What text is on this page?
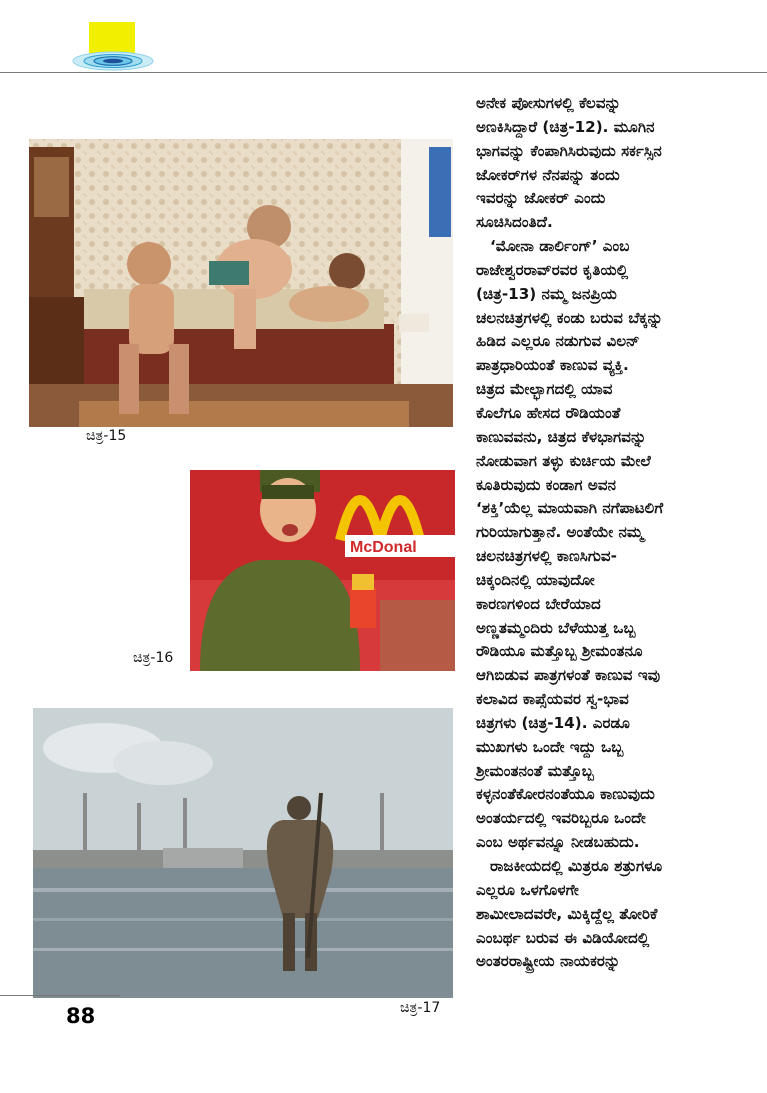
ಚಿತ್ರ-15
McDonal
ಚಿತ್ರ-16
ಚಿತ್ರ-17
ಅನೇಕ ಪೋಸುಗಳಲ್ಲಿ ಕೆಲವನ್ನು
ಅಣಕಿಸಿದ್ದಾರೆ (ಚಿತ್ರ-12). ಮೂಗಿನ
ಭಾಗವನ್ನು ಕೆಂಪಾಗಿಸಿರುವುದು ಸರ್ಕಸ್ಸಿನ
ಜೋಕರ್‌ಗಳ ನೆನಪನ್ನು ತಂದು
ಇವರನ್ನು ಜೋಕರ್ ಎಂದು
ಸೂಚಿಸಿದಂತಿದೆ.
‘ಮೋನಾ ಡಾರ್ಲಿಂಗ್’ ಎಂಬ
ರಾಜೇಶ್ವರರಾವ್‌ರವರ ಕೃತಿಯಲ್ಲಿ
(ಚಿತ್ರ-13) ನಮ್ಮ ಜನಪ್ರಿಯ
ಚಲನಚಿತ್ರಗಳಲ್ಲಿ ಕಂಡು ಬರುವ ಬೆಕ್ಕನ್ನು
ಹಿಡಿದ ಎಲ್ಲರೂ ನಡುಗುವ ವಿಲನ್
ಪಾತ್ರಧಾರಿಯಂತೆ ಕಾಣುವ ವ್ಯಕ್ತಿ.
ಚಿತ್ರದ ಮೇಲ್ಭಾಗದಲ್ಲಿ ಯಾವ
ಕೊಲೆಗೂ ಹೇಸದ ರೌಡಿಯಂತೆ
ಕಾಣುವವನು, ಚಿತ್ರದ ಕೆಳಭಾಗವನ್ನು
ನೋಡುವಾಗ ತಳ್ಳು ಕುರ್ಚಿಯ ಮೇಲೆ
ಕೂತಿರುವುದು ಕಂಡಾಗ ಅವನ
‘ಶಕ್ತಿ’ಯೆಲ್ಲ ಮಾಯವಾಗಿ ನಗೆಪಾಟಲಿಗೆ
ಗುರಿಯಾಗುತ್ತಾನೆ. ಅಂತೆಯೇ ನಮ್ಮ
ಚಲನಚಿತ್ರಗಳಲ್ಲಿ ಕಾಣಸಿಗುವ-
ಚಿಕ್ಕಂದಿನಲ್ಲಿ ಯಾವುದೋ
ಕಾರಣಗಳಿಂದ ಬೇರೆಯಾದ
ಅಣ್ಣತಮ್ಮಂದಿರು ಬೆಳೆಯುತ್ತ ಒಬ್ಬ
ರೌಡಿಯೂ ಮತ್ತೊಬ್ಬ ಶ್ರೀಮಂತನೂ
ಆಗಿಬಿಡುವ ಪಾತ್ರಗಳಂತೆ ಕಾಣುವ ಇವು
ಕಲಾವಿದ ಕಾಪ್ಸೆಯವರ ಸ್ವ-ಭಾವ
ಚಿತ್ರಗಳು (ಚಿತ್ರ-14). ಎರಡೂ
ಮುಖಗಳು ಒಂದೇ ಇದ್ದು ಒಬ್ಬ
ಶ್ರೀಮಂತನಂತೆ ಮತ್ತೊಬ್ಬ
ಕಳ್ಳನಂತೆಕೋರನಂತೆಯೂ ಕಾಣುವುದು
ಅಂತರ್ಯದಲ್ಲಿ ಇವರಿಬ್ಬರೂ ಒಂದೇ
ಎಂಬ ಅರ್ಥವನ್ನೂ ನೀಡಬಹುದು.
ರಾಜಕೀಯದಲ್ಲಿ ಮಿತ್ರರೂ ಶತ್ರುಗಳೂ
ಎಲ್ಲರೂ ಒಳಗೊಳಗೇ
ಶಾಮೀಲಾದವರೇ, ಮಿಕ್ಕಿದ್ದೆಲ್ಲ ತೋರಿಕೆ
ಎಂಬರ್ಥ ಬರುವ ಈ ವಿಡಿಯೋದಲ್ಲಿ
ಅಂತರರಾಷ್ಟ್ರೀಯ ನಾಯಕರನ್ನು
88
